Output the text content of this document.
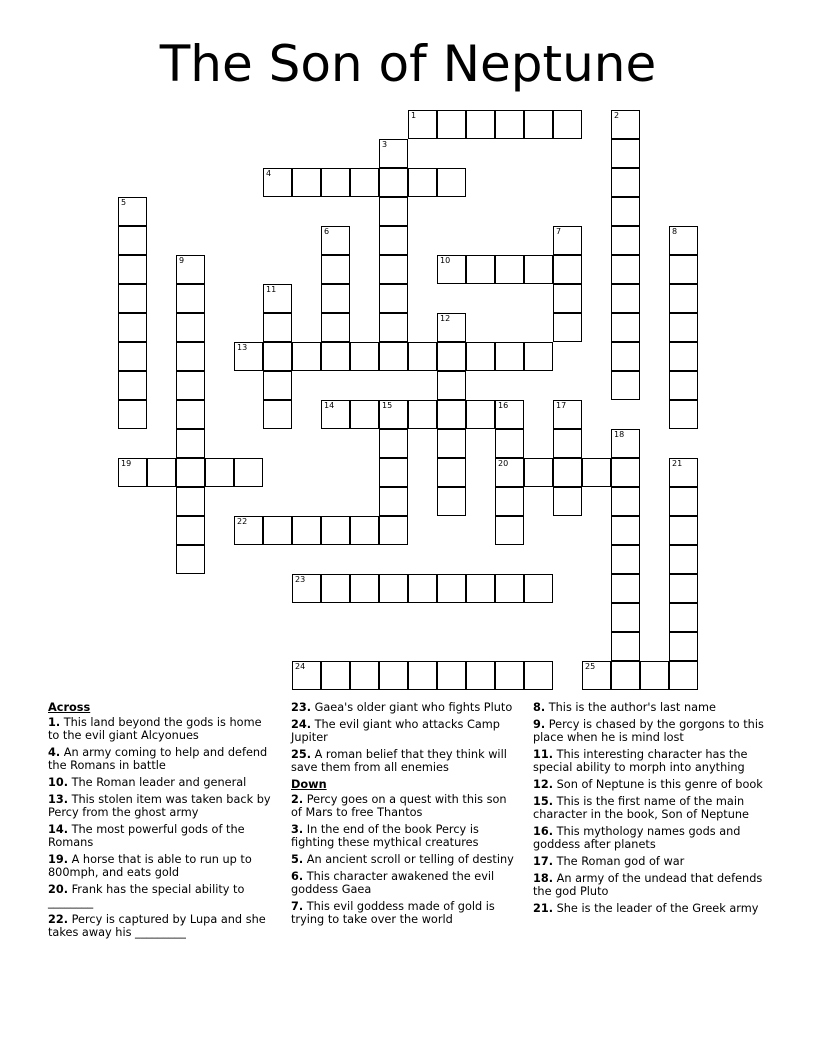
The Son of Neptune
1	2
3
4
5
6	7	8
9	10
11
12
13
14	15	16	17
18
19	20	21
22
23
24	25
Across
1. This land beyond the gods is home to the evil giant Alcyonues
4. An army coming to help and defend the Romans in battle
10. The Roman leader and general
13. This stolen item was taken back by Percy from the ghost army
14. The most powerful gods of the Romans
19. A horse that is able to run up to 800mph, and eats gold
20. Frank has the special ability to ________
22. Percy is captured by Lupa and she takes away his _________
23. Gaea's older giant who fights Pluto
24. The evil giant who attacks Camp Jupiter
25. A roman belief that they think will save them from all enemies
Down
2. Percy goes on a quest with this son of Mars to free Thantos
3. In the end of the book Percy is fighting these mythical creatures
5. An ancient scroll or telling of destiny
6. This character awakened the evil goddess Gaea
7. This evil goddess made of gold is trying to take over the world
8. This is the author's last name
9. Percy is chased by the gorgons to this place when he is mind lost
11. This interesting character has the special ability to morph into anything
12. Son of Neptune is this genre of book
15. This is the first name of the main character in the book, Son of Neptune
16. This mythology names gods and goddess after planets
17. The Roman god of war
18. An army of the undead that defends the god Pluto
21. She is the leader of the Greek army
